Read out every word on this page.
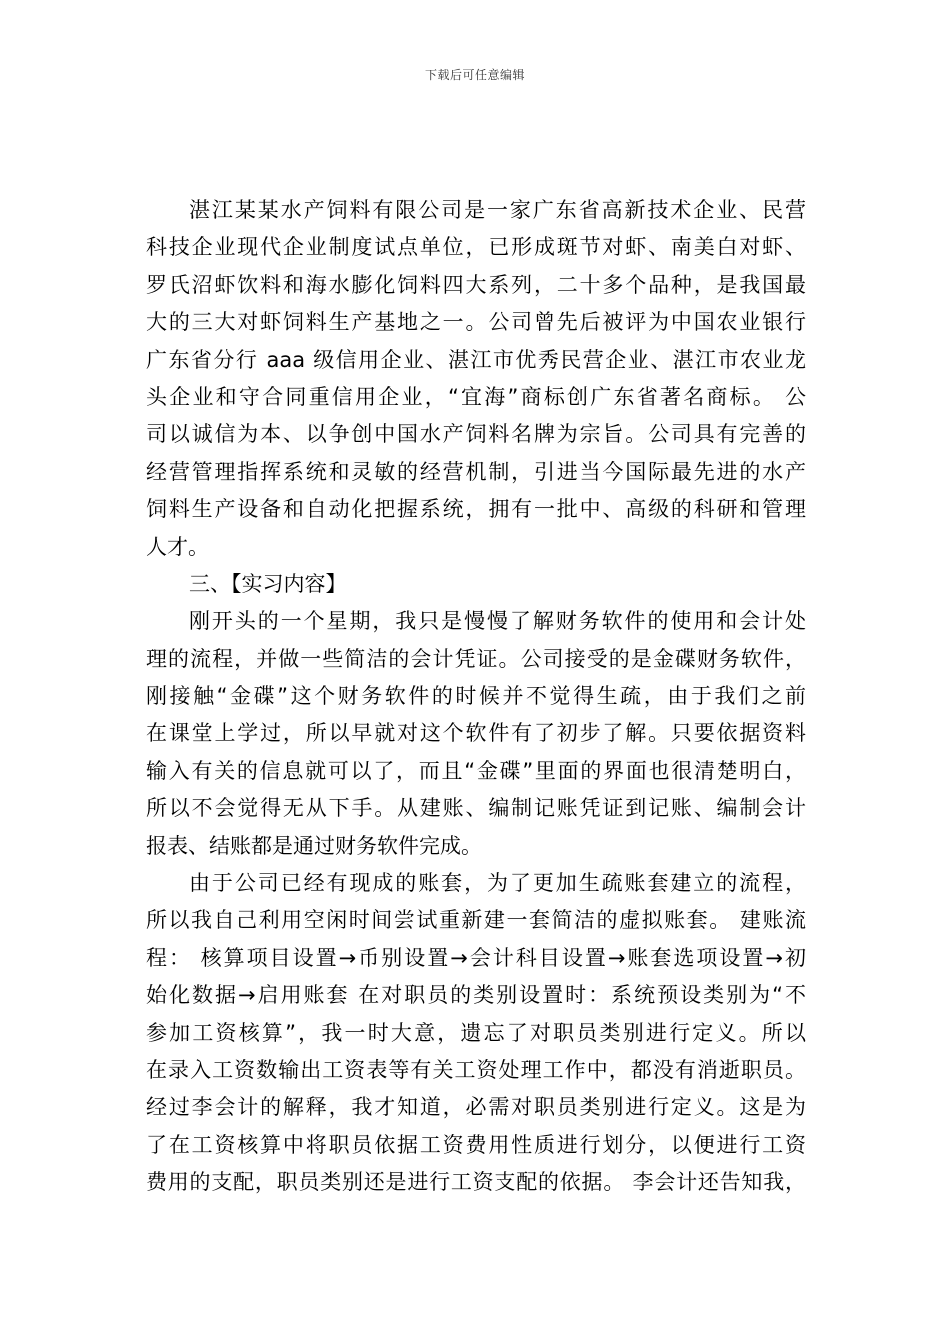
下载后可任意编辑
湛江某某水产饲料有限公司是一家广东省高新技术企业、民营
科技企业现代企业制度试点单位，已形成斑节对虾、南美白对虾、
罗氏沼虾饮料和海水膨化饲料四大系列，二十多个品种，是我国最
大的三大对虾饲料生产基地之一。公司曾先后被评为中国农业银行
广东省分行 aaa 级信用企业、湛江市优秀民营企业、湛江市农业龙
头企业和守合同重信用企业，“宜海”商标创广东省著名商标。 公
司以诚信为本、以争创中国水产饲料名牌为宗旨。公司具有完善的
经营管理指挥系统和灵敏的经营机制，引进当今国际最先进的水产
饲料生产设备和自动化把握系统，拥有一批中、高级的科研和管理
人才。
三、【实习内容】
刚开头的一个星期，我只是慢慢了解财务软件的使用和会计处
理的流程，并做一些简洁的会计凭证。公司接受的是金碟财务软件，
刚接触“金碟”这个财务软件的时候并不觉得生疏，由于我们之前
在课堂上学过，所以早就对这个软件有了初步了解。只要依据资料
输入有关的信息就可以了，而且“金碟”里面的界面也很清楚明白，
所以不会觉得无从下手。从建账、编制记账凭证到记账、编制会计
报表、结账都是通过财务软件完成。
由于公司已经有现成的账套，为了更加生疏账套建立的流程，
所以我自己利用空闲时间尝试重新建一套简洁的虚拟账套。 建账流
程： 核算项目设置→币别设置→会计科目设置→账套选项设置→初
始化数据→启用账套 在对职员的类别设置时：系统预设类别为“不
参加工资核算”，我一时大意，遗忘了对职员类别进行定义。所以
在录入工资数输出工资表等有关工资处理工作中，都没有消逝职员。
经过李会计的解释，我才知道，必需对职员类别进行定义。这是为
了在工资核算中将职员依据工资费用性质进行划分，以便进行工资
费用的支配，职员类别还是进行工资支配的依据。 李会计还告知我，
